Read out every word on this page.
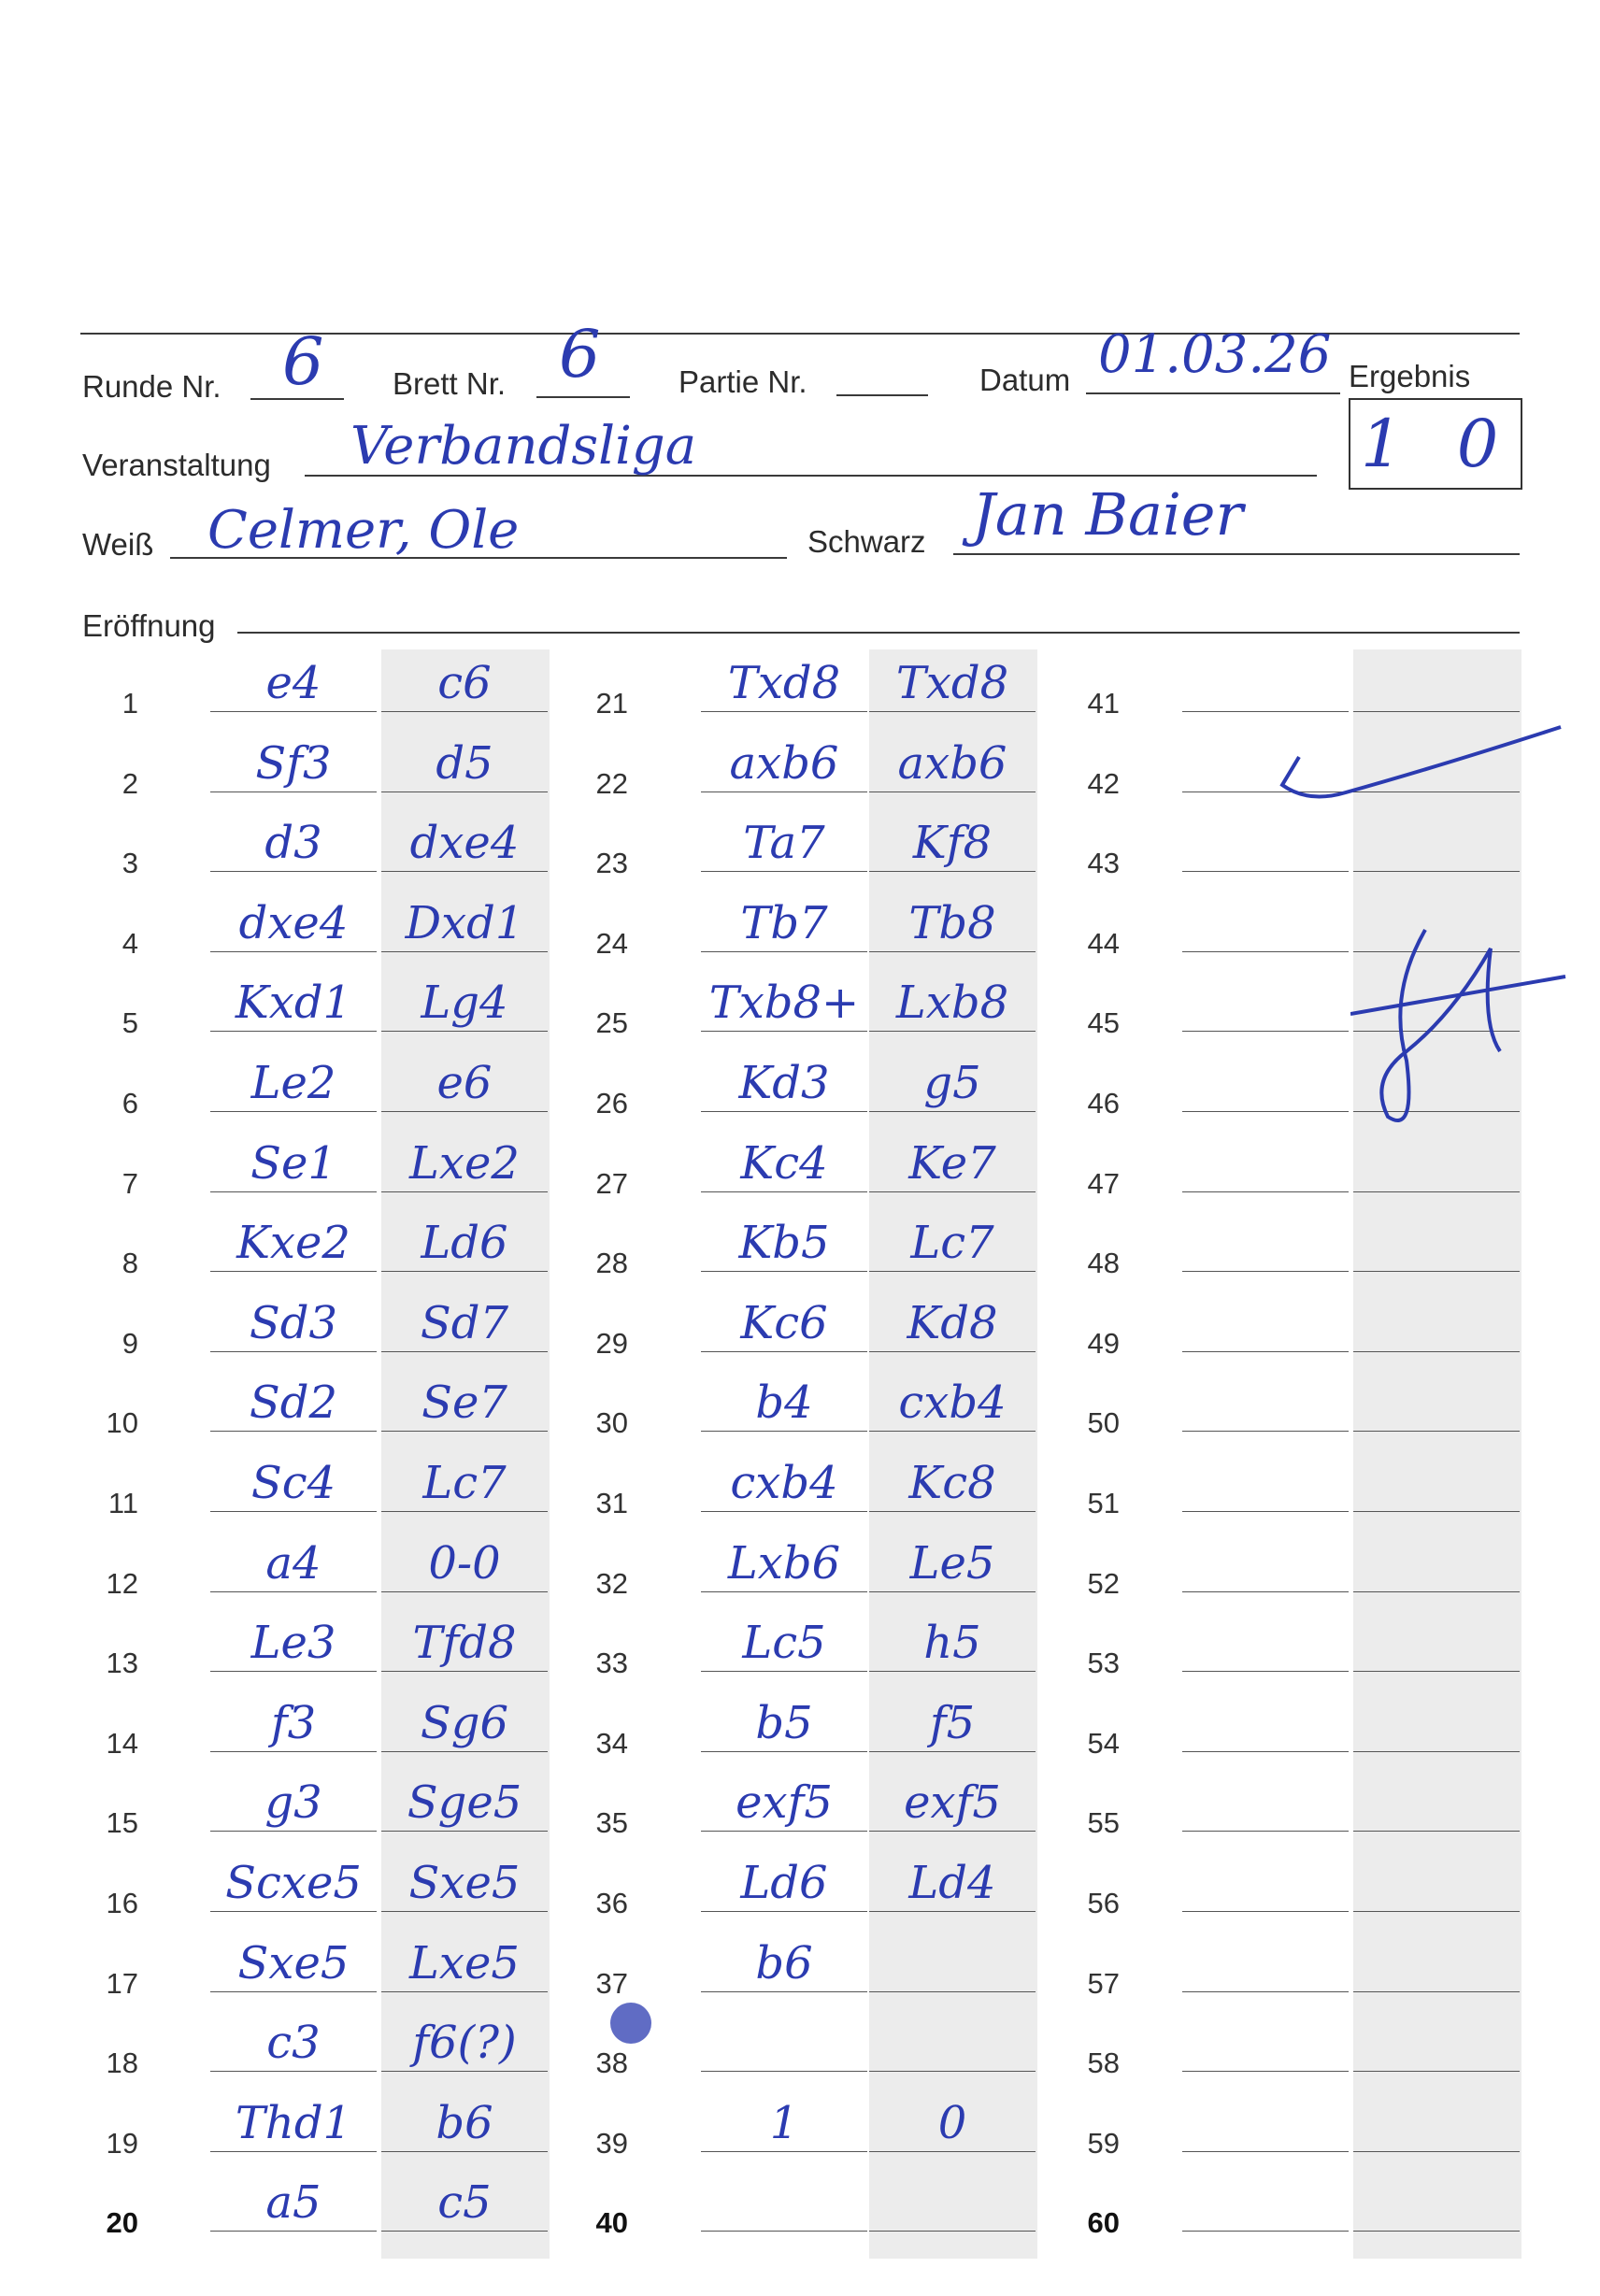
Runde Nr. 6 Brett Nr. 6	Partie Nr.	Datum 01.03.26 Ergebnis
1 0
Veranstaltung Verbandsliga
Weiß Celmer, Ole	Schwarz Jan Baier
Eröffnung
1	e4	c6
2	Sf3	d5
3	d3	dxe4
4	dxe4	Dxd1
5	Kxd1	Lg4
6	Le2	e6
7	Se1	Lxe2
8	Kxe2	Ld6
9	Sd3	Sd7
10	Sd2	Se7
11	Sc4	Lc7
12	a4	0-0
13	Le3	Tfd8
14	f3	Sg6
15	g3	Sge5
16	Scxe5	Sxe5
17	Sxe5	Lxe5
18	c3	f6(?)
19	Thd1	b6
20	a5	c5
21	Txd8	Txd8
22	axb6	axb6
23	Ta7	Kf8
24	Tb7	Tb8
25 Txb8+ Lxb8
26	Kd3	g5
27	Kc4	Ke7
28	Kb5	Lc7
29	Kc6	Kd8
30	b4	cxb4
31	cxb4	Kc8
32	Lxb6	Le5
33	Lc5	h5
34	b5	f5
35	exf5	exf5
36	Ld6	Ld4
37	b6
38
39	1	0
40
41
42
43
44
45
46
47
48
49
50
51
52
53
54
55
56
57
58
59
60
